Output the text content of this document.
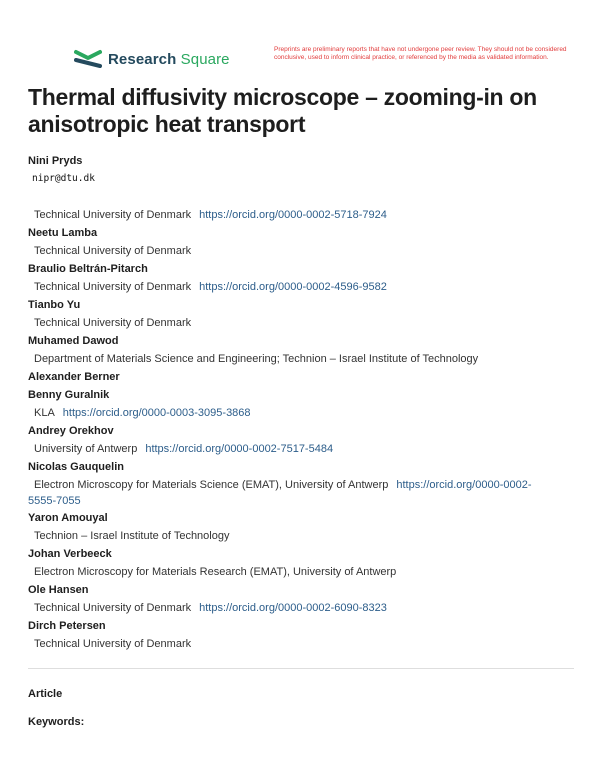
Research Square
Preprints are preliminary reports that have not undergone peer review. They should not be considered conclusive, used to inform clinical practice, or referenced by the media as validated information.
Thermal diffusivity microscope – zooming-in on anisotropic heat transport
Nini Pryds
nipr@dtu.dk
Technical University of Denmark https://orcid.org/0000-0002-5718-7924
Neetu Lamba
Technical University of Denmark
Braulio Beltrán-Pitarch
Technical University of Denmark https://orcid.org/0000-0002-4596-9582
Tianbo Yu
Technical University of Denmark
Muhamed Dawod
Department of Materials Science and Engineering; Technion – Israel Institute of Technology
Alexander Berner
Benny Guralnik
KLA https://orcid.org/0000-0003-3095-3868
Andrey Orekhov
University of Antwerp https://orcid.org/0000-0002-7517-5484
Nicolas Gauquelin
Electron Microscopy for Materials Science (EMAT), University of Antwerp https://orcid.org/0000-0002-
5555-7055
Yaron Amouyal
Technion – Israel Institute of Technology
Johan Verbeeck
Electron Microscopy for Materials Research (EMAT), University of Antwerp
Ole Hansen
Technical University of Denmark https://orcid.org/0000-0002-6090-8323
Dirch Petersen
Technical University of Denmark

Article

Keywords:
